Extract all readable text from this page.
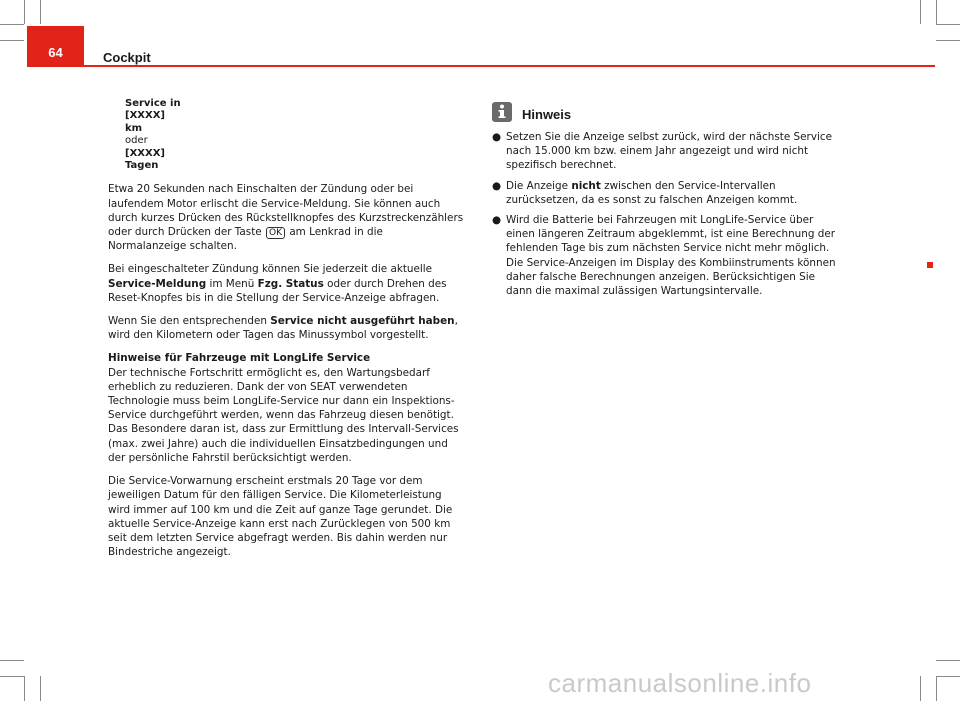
64	Cockpit
Service in
[XXXX]
km
oder
[XXXX]
Tagen

Etwa 20 Sekunden nach Einschalten der Zündung oder bei laufendem Motor erlischt die Service-Meldung. Sie können auch durch kurzes Drücken des Rückstellknopfes des Kurzstreckenzählers oder durch Drücken der Taste OK am Lenkrad in die Normalanzeige schalten.

Bei eingeschalteter Zündung können Sie jederzeit die aktuelle Service-Meldung im Menü Fzg. Status oder durch Drehen des Reset-Knopfes bis in die Stellung der Service-Anzeige abfragen.

Wenn Sie den entsprechenden Service nicht ausgeführt haben, wird den Kilometern oder Tagen das Minussymbol vorgestellt.

Hinweise für Fahrzeuge mit LongLife Service

Der technische Fortschritt ermöglicht es, den Wartungsbedarf erheblich zu reduzieren. Dank der von SEAT verwendeten Technologie muss beim LongLife-Service nur dann ein Inspektions-Service durchgeführt werden, wenn das Fahrzeug diesen benötigt. Das Besondere daran ist, dass zur Ermittlung des Intervall-Services (max. zwei Jahre) auch die individuellen Einsatzbedingungen und der persönliche Fahrstil berücksichtigt werden.

Die Service-Vorwarnung erscheint erstmals 20 Tage vor dem jeweiligen Datum für den fälligen Service. Die Kilometerleistung wird immer auf 100 km und die Zeit auf ganze Tage gerundet. Die aktuelle Service-Anzeige kann erst nach Zurücklegen von 500 km seit dem letzten Service abgefragt werden. Bis dahin werden nur Bindestriche angezeigt.

Hinweis
● Setzen Sie die Anzeige selbst zurück, wird der nächste Service nach 15.000 km bzw. einem Jahr angezeigt und wird nicht spezifisch berechnet.
● Die Anzeige nicht zwischen den Service-Intervallen zurücksetzen, da es sonst zu falschen Anzeigen kommt.
● Wird die Batterie bei Fahrzeugen mit LongLife-Service über einen längeren Zeitraum abgeklemmt, ist eine Berechnung der fehlenden Tage bis zum nächsten Service nicht mehr möglich. Die Service-Anzeigen im Display des Kombiinstruments können daher falsche Berechnungen anzeigen. Berücksichtigen Sie dann die maximal zulässigen Wartungsintervalle.
carmanualsonline.info
